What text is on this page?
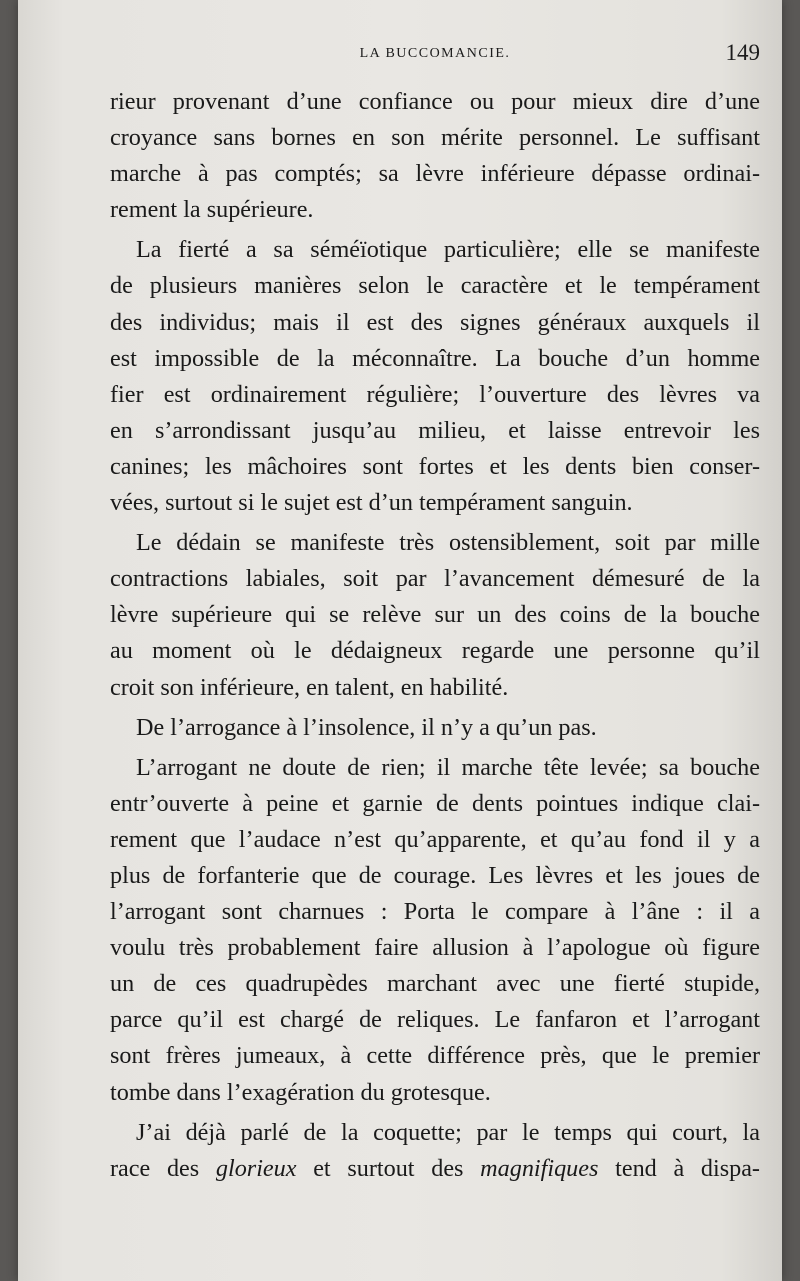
LA BUCCOMANCIE.	149
rieur provenant d’une confiance ou pour mieux dire d’une
croyance sans bornes en son mérite personnel. Le suffisant
marche à pas comptés; sa lèvre inférieure dépasse ordinai-
rement la supérieure.
La fierté a sa séméïotique particulière; elle se manifeste
de plusieurs manières selon le caractère et le tempérament
des individus; mais il est des signes généraux auxquels il
est impossible de la méconnaître. La bouche d’un homme
fier est ordinairement régulière; l’ouverture des lèvres va
en s’arrondissant jusqu’au milieu, et laisse entrevoir les
canines; les mâchoires sont fortes et les dents bien conser-
vées, surtout si le sujet est d’un tempérament sanguin.
Le dédain se manifeste très ostensiblement, soit par mille
contractions labiales, soit par l’avancement démesuré de la
lèvre supérieure qui se relève sur un des coins de la bouche
au moment où le dédaigneux regarde une personne qu’il
croit son inférieure, en talent, en habilité.
De l’arrogance à l’insolence, il n’y a qu’un pas.
L’arrogant ne doute de rien; il marche tête levée; sa bouche
entr’ouverte à peine et garnie de dents pointues indique clai-
rement que l’audace n’est qu’apparente, et qu’au fond il y a
plus de forfanterie que de courage. Les lèvres et les joues de
l’arrogant sont charnues : Porta le compare à l’âne : il a
voulu très probablement faire allusion à l’apologue où figure
un de ces quadrupèdes marchant avec une fierté stupide,
parce qu’il est chargé de reliques. Le fanfaron et l’arrogant
sont frères jumeaux, à cette différence près, que le premier
tombe dans l’exagération du grotesque.
J’ai déjà parlé de la coquette; par le temps qui court, la
race des glorieux et surtout des magnifiques tend à dispa-
